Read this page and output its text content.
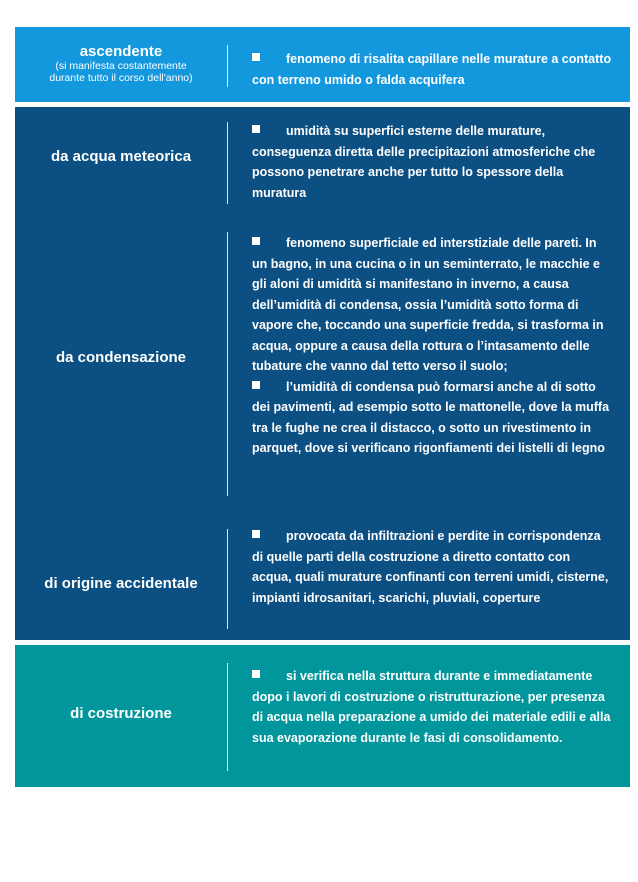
ascendente
(si manifesta costantemente
durante tutto il corso dell'anno)
fenomeno di risalita capillare nelle murature a contatto con terreno umido o falda acquifera
da acqua meteorica
umidità su superfici esterne delle murature, conseguenza diretta delle precipitazioni atmosferiche che possono penetrare anche per tutto lo spessore della muratura
da condensazione
fenomeno superficiale ed interstiziale delle pareti. In un bagno, in una cucina o in un seminterrato, le macchie e gli aloni di umidità si manifestano in inverno, a causa dell’umidità di condensa, ossia l’umidità sotto forma di vapore che, toccando una superficie fredda, si trasforma in acqua, oppure a causa della rottura o l’intasamento delle tubature che vanno dal tetto verso il suolo;
l’umidità di condensa può formarsi anche al di sotto dei pavimenti, ad esempio sotto le mattonelle, dove la muffa tra le fughe ne crea il distacco, o sotto un rivestimento in parquet, dove si verificano rigonfiamenti dei listelli di legno
di origine accidentale
provocata da infiltrazioni e perdite in corrispondenza di quelle parti della costruzione a diretto contatto con acqua, quali murature confinanti con terreni umidi, cisterne, impianti idrosanitari, scarichi, pluviali, coperture
di costruzione
si verifica nella struttura durante e immediatamente dopo i lavori di costruzione o ristrutturazione, per presenza di acqua nella preparazione a umido dei materiale edili e alla sua evaporazione durante le fasi di consolidamento.
